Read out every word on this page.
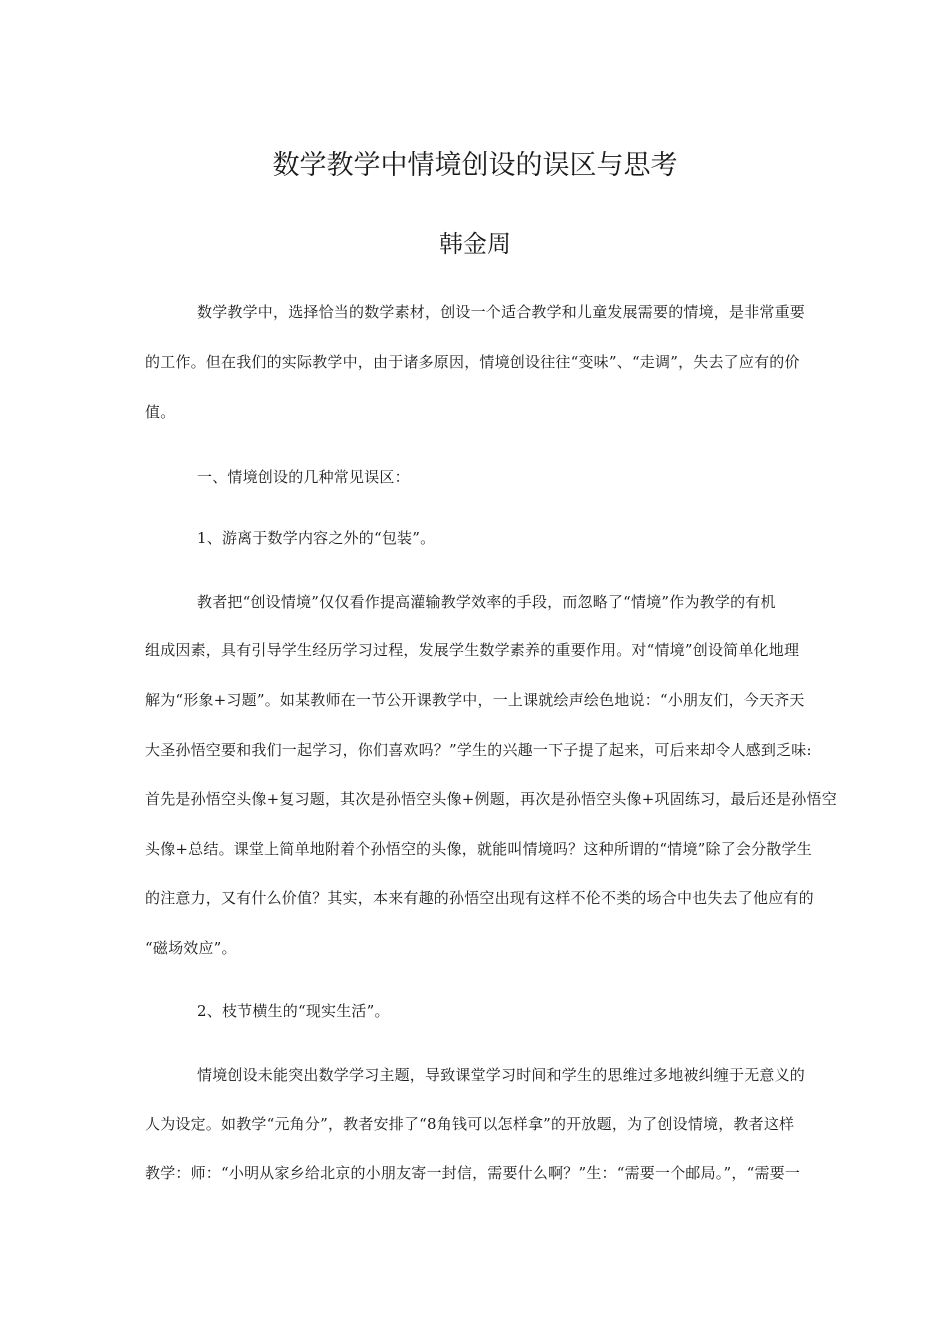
数学教学中情境创设的误区与思考
韩金周
数学教学中，选择恰当的数学素材，创设一个适合教学和儿童发展需要的情境，是非常重要
的工作。但在我们的实际教学中，由于诸多原因，情境创设往往“变味”、“走调”，失去了应有的价
值。
一、情境创设的几种常见误区：
1、游离于数学内容之外的“包装”。
教者把“创设情境”仅仅看作提高灌输教学效率的手段，而忽略了“情境”作为教学的有机
组成因素，具有引导学生经历学习过程，发展学生数学素养的重要作用。对“情境”创设简单化地理
解为“形象+习题”。如某教师在一节公开课教学中，一上课就绘声绘色地说：“小朋友们，今天齐天
大圣孙悟空要和我们一起学习，你们喜欢吗？”学生的兴趣一下子提了起来，可后来却令人感到乏味:
首先是孙悟空头像+复习题，其次是孙悟空头像+例题，再次是孙悟空头像+巩固练习，最后还是孙悟空
头像+总结。课堂上简单地附着个孙悟空的头像，就能叫情境吗？这种所谓的“情境”除了会分散学生
的注意力，又有什么价值？其实，本来有趣的孙悟空出现有这样不伦不类的场合中也失去了他应有的
“磁场效应”。
2、枝节横生的“现实生活”。
情境创设未能突出数学学习主题，导致课堂学习时间和学生的思维过多地被纠缠于无意义的
人为设定。如教学“元角分”，教者安排了“8角钱可以怎样拿”的开放题，为了创设情境，教者这样
教学：师：“小明从家乡给北京的小朋友寄一封信，需要什么啊？”生：“需要一个邮局。”，“需要一
